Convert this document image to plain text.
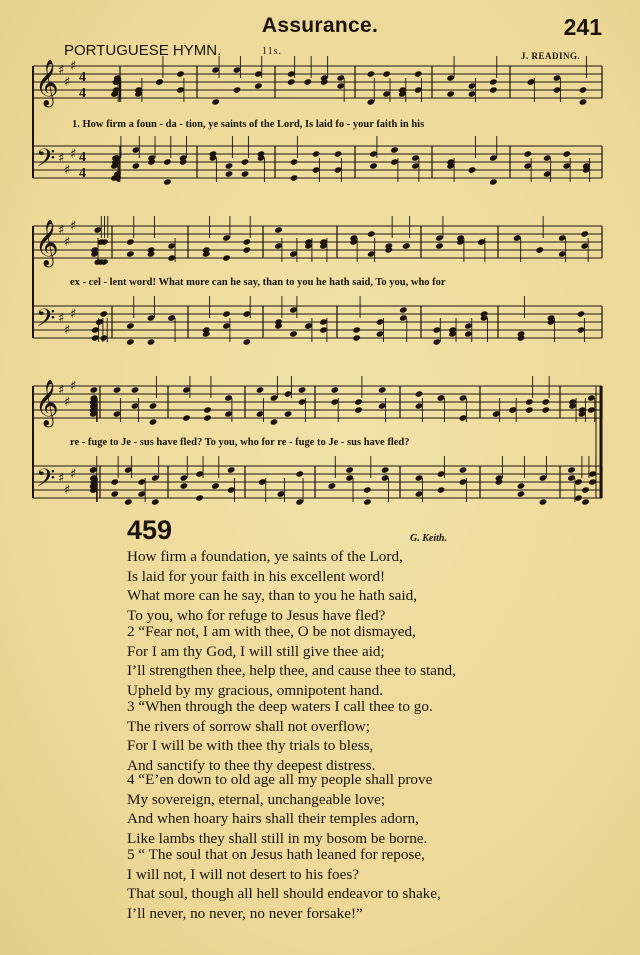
Assurance.	241
PORTUGUESE HYMN.	11s.	J. READING.
𝄞 ♯
♯
♯
4
4
𝄢 ♯
♯
♯ 4
4
𝄞 ♯
♯
♯
𝄢 ♯
♯
♯
𝄞 ♯
♯
♯
𝄢 ♯
♯
♯
1. How firm a foun - da - tion, ye saints of the Lord, Is laid fo - your faith in his
ex - cel - lent word! What more can he say, than to you he hath said, To you, who for
re - fuge to Je - sus have fled? To you, who for re - fuge to Je - sus have fled?
459	G. Keith.
How firm a foundation, ye saints of the Lord,
Is laid for your faith in his excellent word!
What more can he say, than to you he hath said,
To you, who for refuge to Jesus have fled?
2 “Fear not, I am with thee, O be not dismayed,
For I am thy God, I will still give thee aid;
I’ll strengthen thee, help thee, and cause thee to stand,
Upheld by my gracious, omnipotent hand.
3 “When through the deep waters I call thee to go.
The rivers of sorrow shall not overflow;
For I will be with thee thy trials to bless,
And sanctify to thee thy deepest distress.
4 “E’en down to old age all my people shall prove
My sovereign, eternal, unchangeable love;
And when hoary hairs shall their temples adorn,
Like lambs they shall still in my bosom be borne.
5 “ The soul that on Jesus hath leaned for repose,
I will not, I will not desert to his foes?
That soul, though all hell should endeavor to shake,
I’ll never, no never, no never forsake!”
